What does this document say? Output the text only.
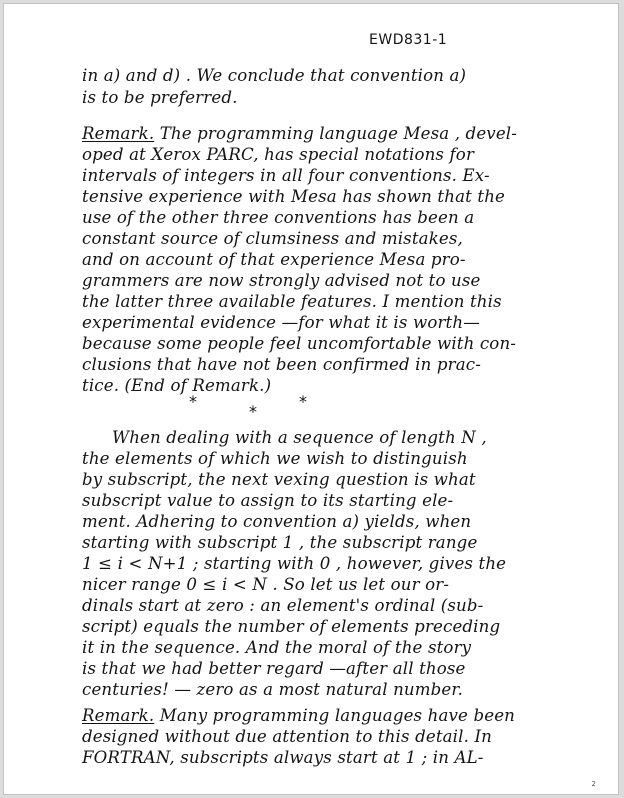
EWD831-1
in a) and d) . We conclude that convention a)
is to be preferred.
Remark. The programming language Mesa , devel-
oped at Xerox PARC, has special notations for
intervals of integers in all four conventions. Ex-
tensive experience with Mesa has shown that the
use of the other three conventions has been a
constant source of clumsiness and mistakes,
and on account of that experience Mesa pro-
grammers are now strongly advised not to use
the latter three available features. I mention this
experimental evidence —for what it is worth—
because some people feel uncomfortable with con-
clusions that have not been confirmed in prac-
tice. (End of Remark.)
*
*
*
When dealing with a sequence of length N ,
the elements of which we wish to distinguish
by subscript, the next vexing question is what
subscript value to assign to its starting ele-
ment. Adhering to convention a) yields, when
starting with subscript 1 , the subscript range
1 ≤ i < N+1 ; starting with 0 , however, gives the
nicer range 0 ≤ i < N . So let us let our or-
dinals start at zero : an element's ordinal (sub-
script) equals the number of elements preceding
it in the sequence. And the moral of the story
is that we had better regard —after all those
centuries! — zero as a most natural number.
Remark. Many programming languages have been
designed without due attention to this detail. In
FORTRAN, subscripts always start at 1 ; in AL-
2
